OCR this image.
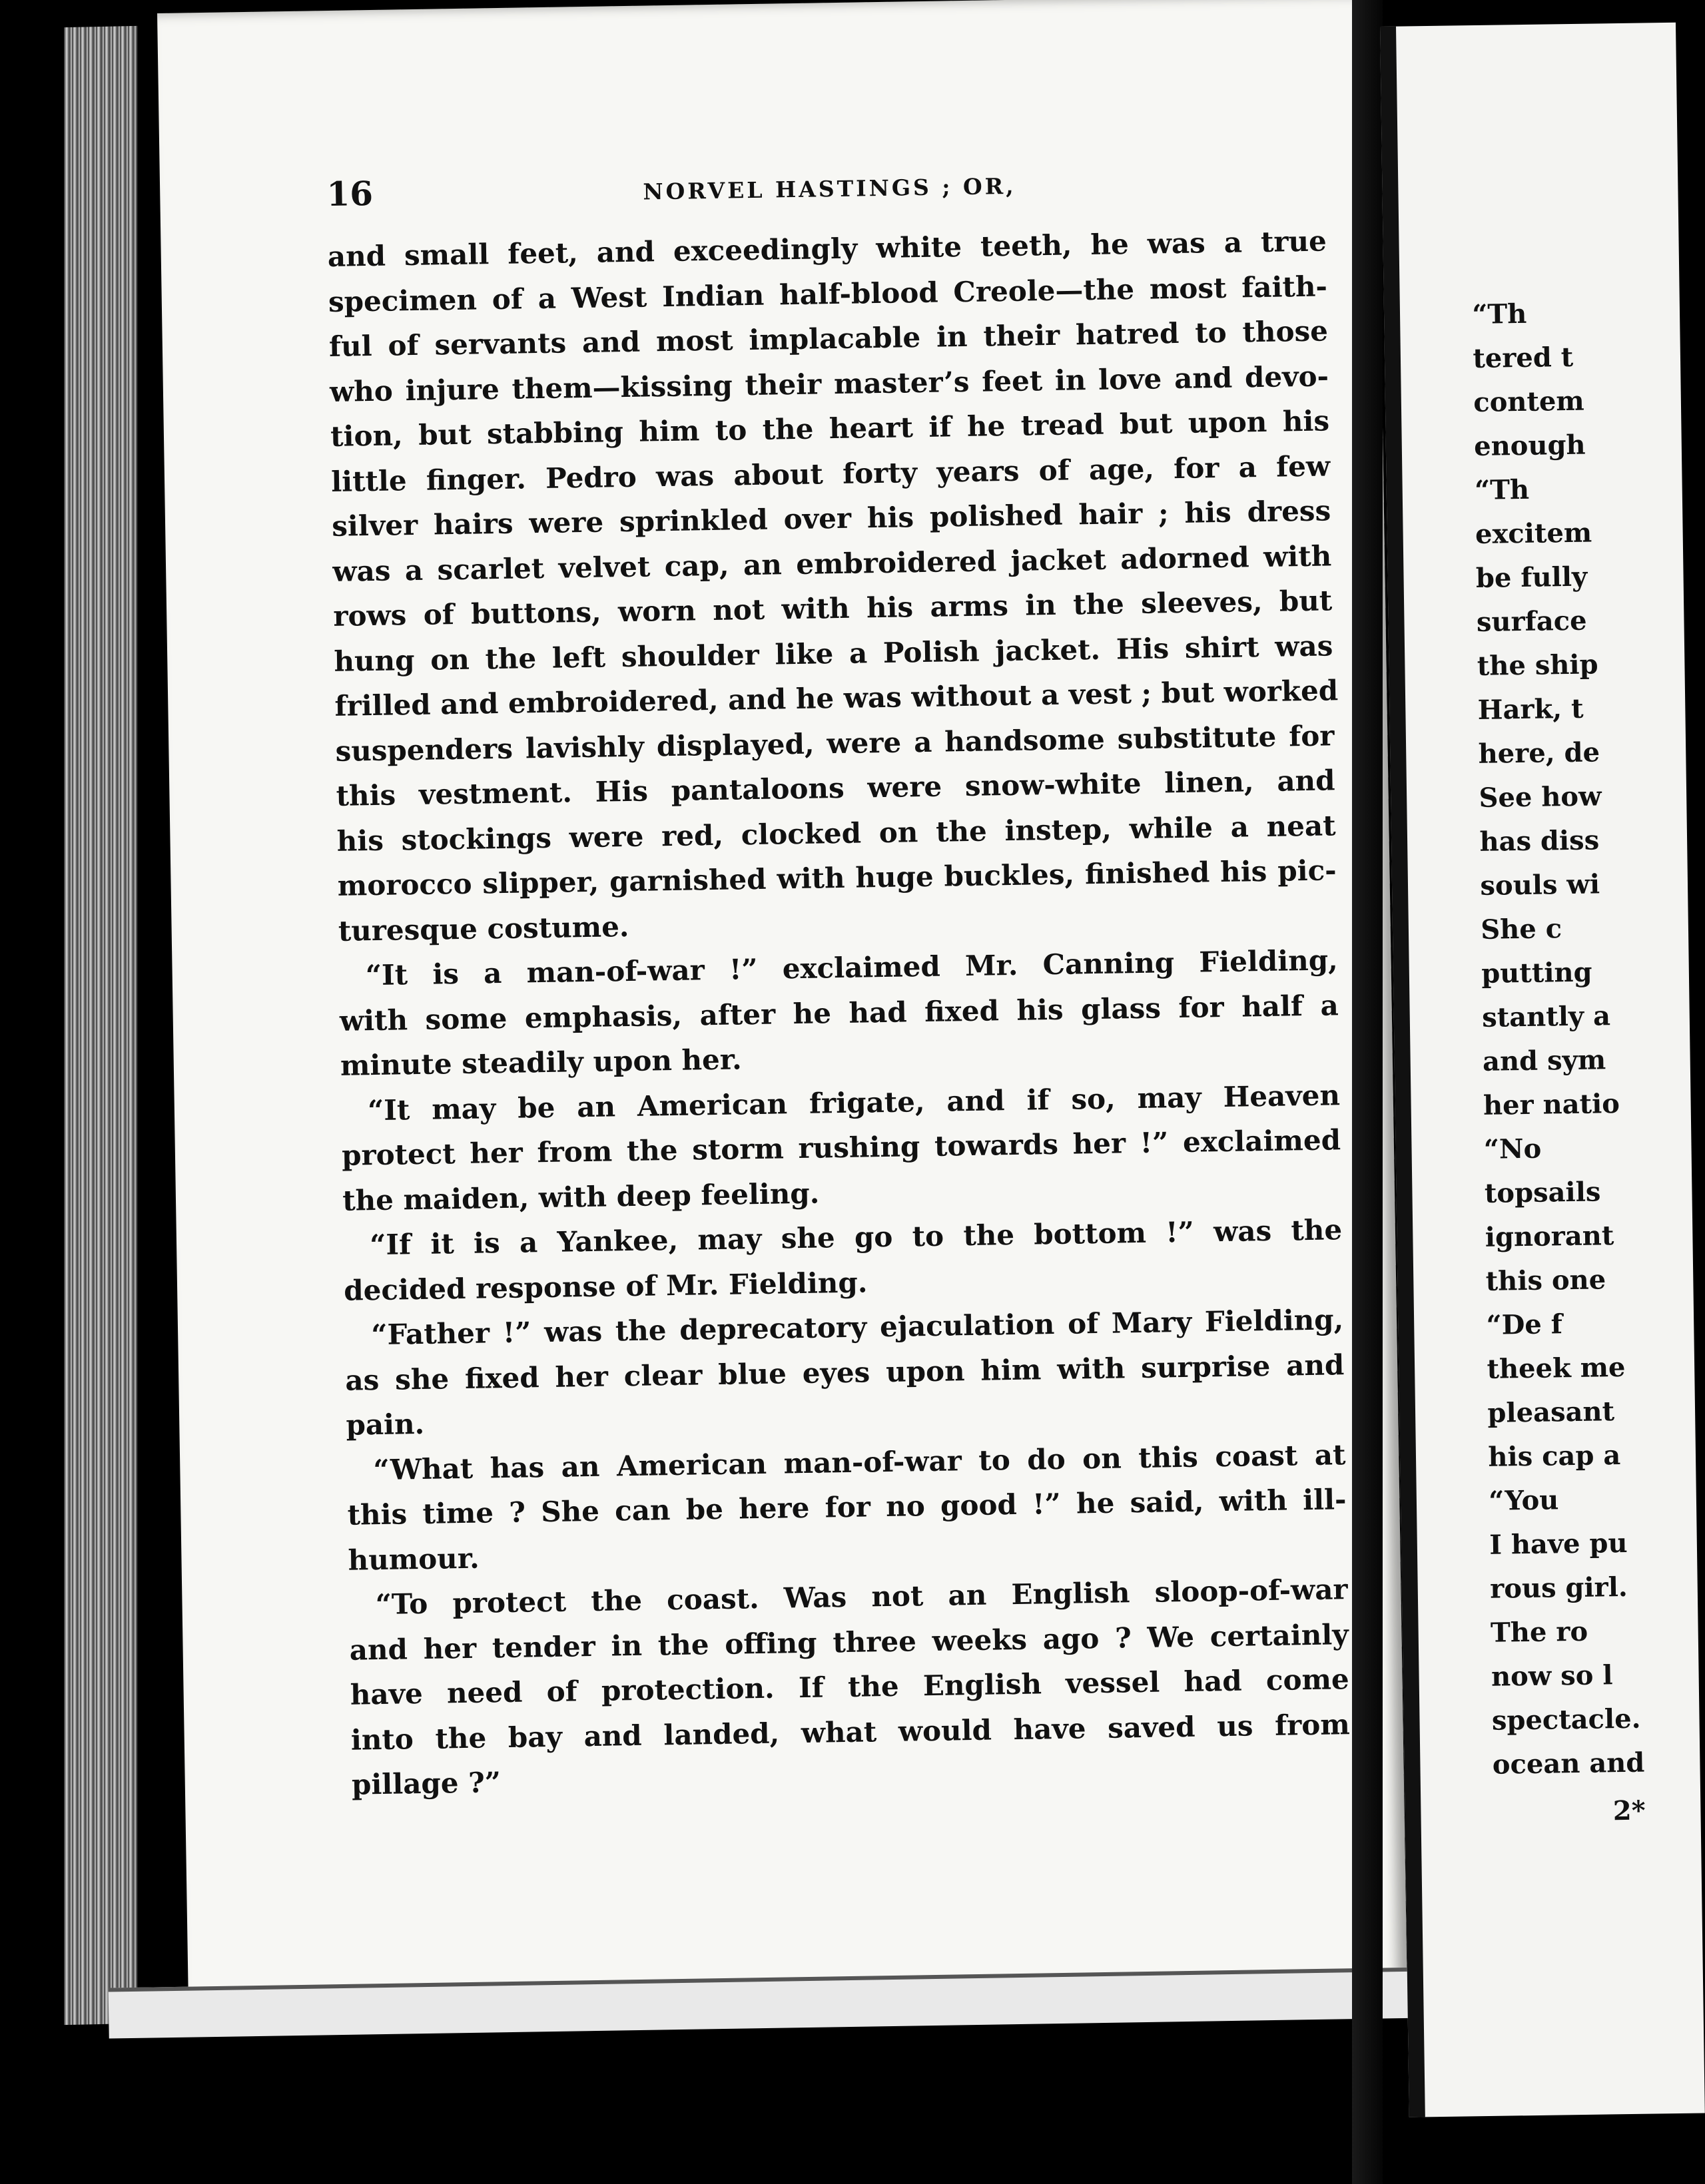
16	NORVEL HASTINGS ; OR,
and small feet, and exceedingly white teeth, he was a true
specimen of a West Indian half-blood Creole—the most faith-
ful of servants and most implacable in their hatred to those
who injure them—kissing their master’s feet in love and devo-
tion, but stabbing him to the heart if he tread but upon his
little finger. Pedro was about forty years of age, for a few
silver hairs were sprinkled over his polished hair ; his dress
was a scarlet velvet cap, an embroidered jacket adorned with
rows of buttons, worn not with his arms in the sleeves, but
hung on the left shoulder like a Polish jacket. His shirt was
frilled and embroidered, and he was without a vest ; but worked
suspenders lavishly displayed, were a handsome substitute for
this vestment. His pantaloons were snow-white linen, and
his stockings were red, clocked on the instep, while a neat
morocco slipper, garnished with huge buckles, finished his pic-
turesque costume.
“It is a man-of-war !” exclaimed Mr. Canning Fielding,
with some emphasis, after he had fixed his glass for half a
minute steadily upon her.
“It may be an American frigate, and if so, may Heaven
protect her from the storm rushing towards her !” exclaimed
the maiden, with deep feeling.
“If it is a Yankee, may she go to the bottom !” was the
decided response of Mr. Fielding.
“Father !” was the deprecatory ejaculation of Mary Fielding,
as she fixed her clear blue eyes upon him with surprise and
pain.
“What has an American man-of-war to do on this coast at
this time ? She can be here for no good !” he said, with ill-
humour.
“To protect the coast. Was not an English sloop-of-war
and her tender in the offing three weeks ago ? We certainly
have need of protection. If the English vessel had come
into the bay and landed, what would have saved us from
pillage ?”
“Th
tered t
contem
enough
“Th
excitem
be fully
surface
the ship
Hark, t
here, de
See how
has diss
souls wi
She c
putting
stantly a
and sym
her natio
“No
topsails
ignorant
this one
“De f
theek me
pleasant
his cap a
“You
I have pu
rous girl.
The ro
now so l
spectacle.
ocean and
2*
